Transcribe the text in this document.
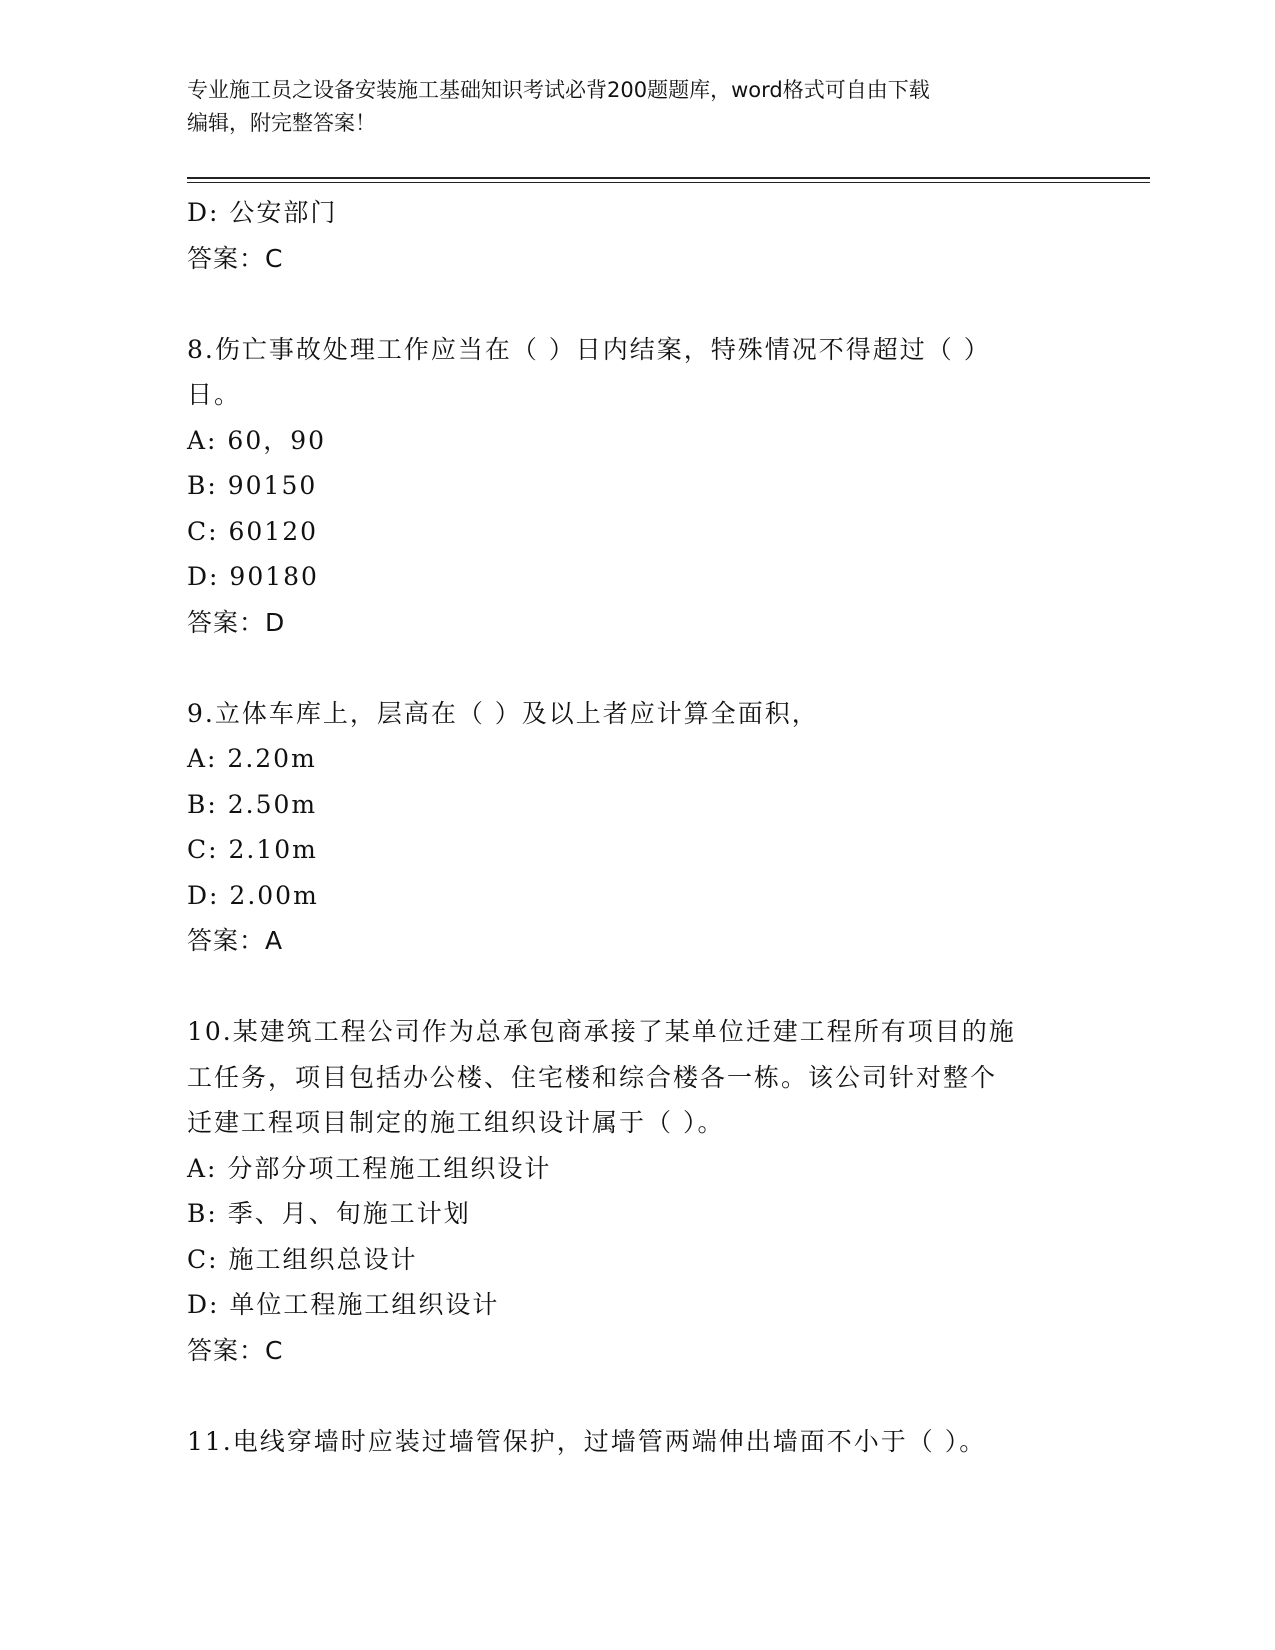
专业施工员之设备安装施工基础知识考试必背200题题库，word格式可自由下载
编辑，附完整答案！
D: 公安部门
答案：C
8.伤亡事故处理工作应当在（ ）日内结案，特殊情况不得超过（ ）
日。
A: 60，90
B: 90150
C: 60120
D: 90180
答案：D
9.立体车库上，层高在（ ）及以上者应计算全面积，
A: 2.20m
B: 2.50m
C: 2.10m
D: 2.00m
答案：A
10.某建筑工程公司作为总承包商承接了某单位迁建工程所有项目的施
工任务，项目包括办公楼、住宅楼和综合楼各一栋。该公司针对整个
迁建工程项目制定的施工组织设计属于（ ）。
A: 分部分项工程施工组织设计
B: 季、月、旬施工计划
C: 施工组织总设计
D: 单位工程施工组织设计
答案：C
11.电线穿墙时应装过墙管保护，过墙管两端伸出墙面不小于（ ）。
